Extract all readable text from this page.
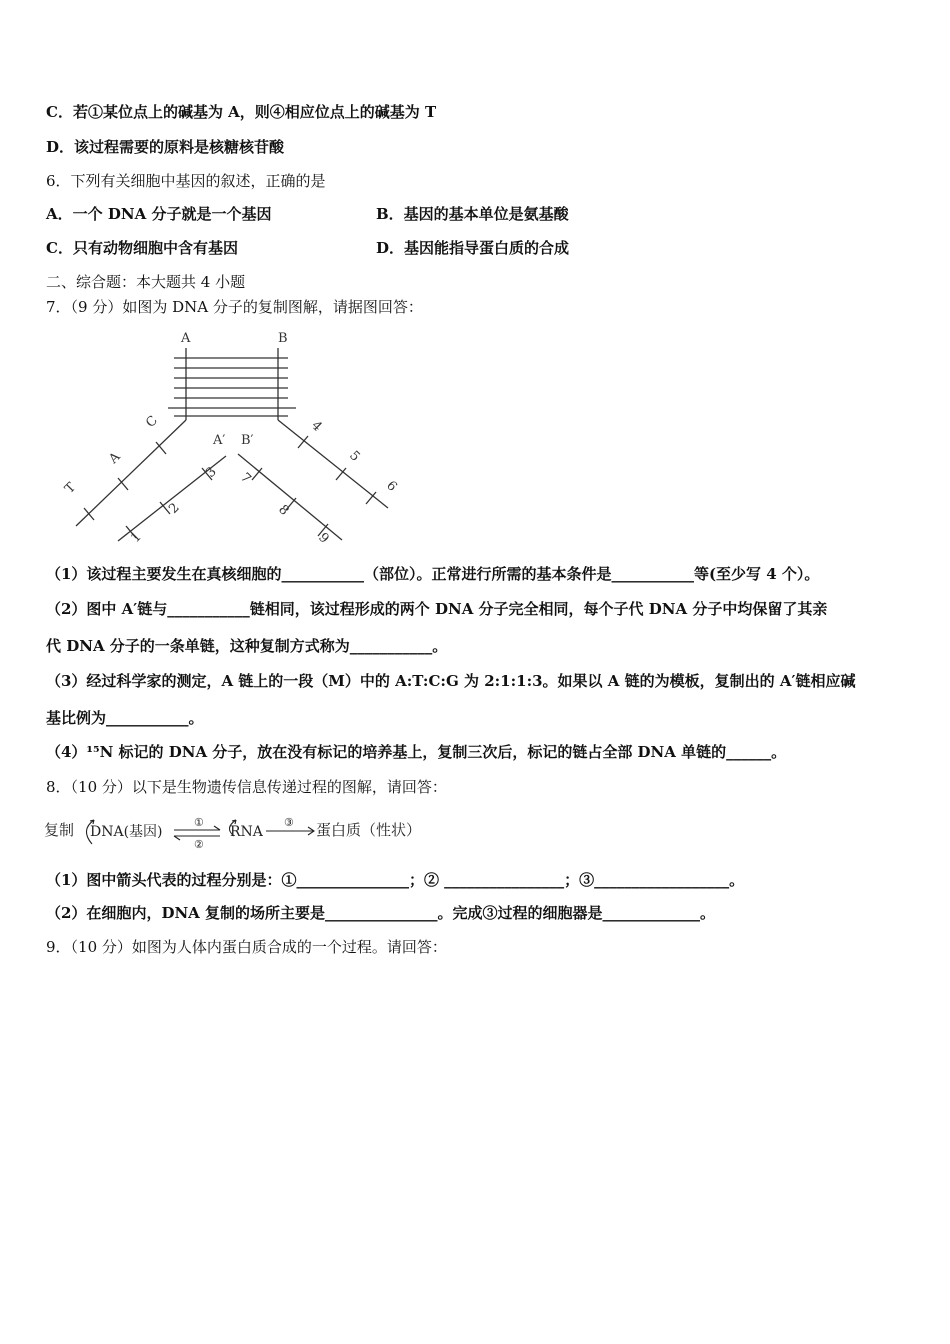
C．若①某位点上的碱基为 A，则④相应位点上的碱基为 T
D．该过程需要的原料是核糖核苷酸
6．下列有关细胞中基因的叙述，正确的是
A．一个 DNA 分子就是一个基因	B．基因的基本单位是氨基酸
C．只有动物细胞中含有基因	D．基因能指导蛋白质的合成
二、综合题：本大题共 4 小题
7．（9 分）如图为 DNA 分子的复制图解，请据图回答：
A	B
A′ B′
C
A
T
3
2
1
4
5
6
7
8
9
（1）该过程主要发生在真核细胞的___________（部位）。正常进行所需的基本条件是___________等(至少写 4 个）。
（2）图中 A′链与___________链相同，该过程形成的两个 DNA 分子完全相同，每个子代 DNA 分子中均保留了其亲
代 DNA 分子的一条单链，这种复制方式称为___________。
（3）经过科学家的测定，A 链上的一段（M）中的 A:T:C:G 为 2:1:1:3。如果以 A 链的为模板，复制出的 A′链相应碱
基比例为___________。
（4）¹⁵N 标记的 DNA 分子，放在没有标记的培养基上，复制三次后，标记的链占全部 DNA 单链的______。
8．（10 分）以下是生物遗传信息传递过程的图解，请回答：
复制 DNA(基因)
①
②
RNA
③ 蛋白质（性状）
（1）图中箭头代表的过程分别是：①_______________；② ________________；③__________________。
（2）在细胞内，DNA 复制的场所主要是_______________。完成③过程的细胞器是_____________。
9．（10 分）如图为人体内蛋白质合成的一个过程。请回答：
